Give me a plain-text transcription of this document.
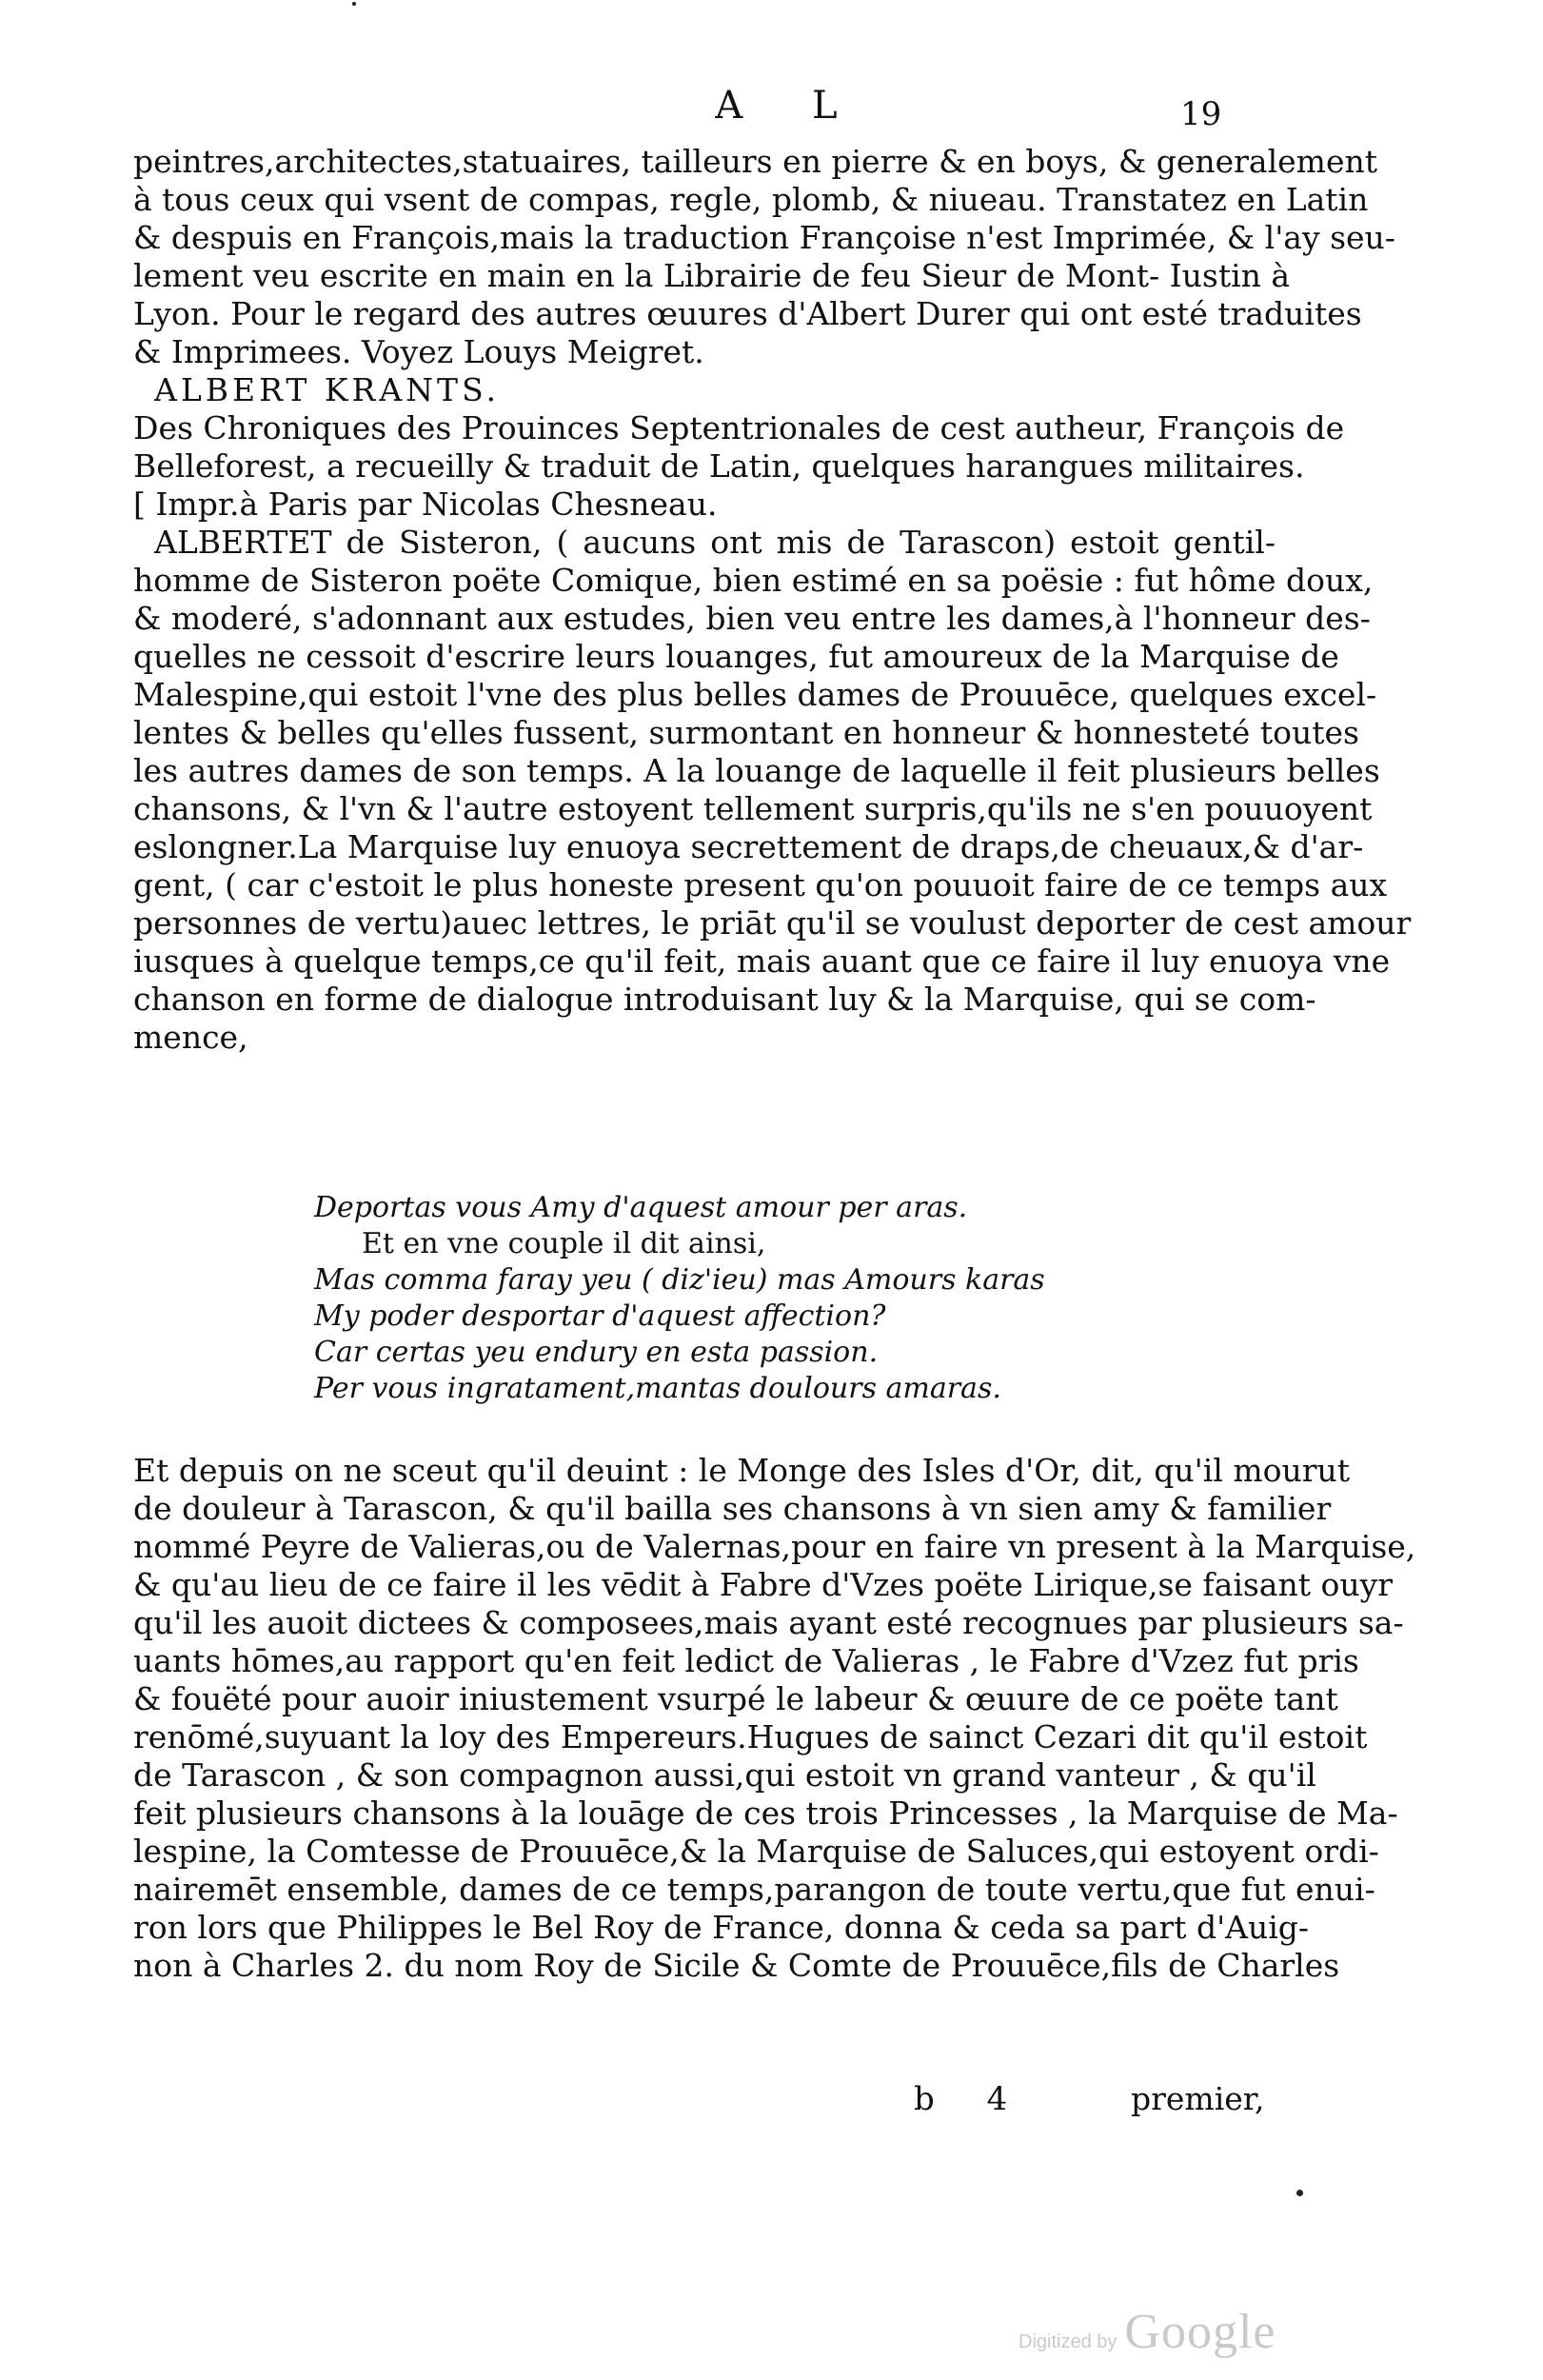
A L	19
peintres,architectes,statuaires, tailleurs en pierre & en boys, & generalement
à tous ceux qui vsent de compas, regle, plomb, & niueau. Transtatez en Latin
& despuis en François,mais la traduction Françoise n'est Imprimée, & l'ay seu-
lement veu escrite en main en la Librairie de feu Sieur de Mont- Iustin à
Lyon. Pour le regard des autres œuures d'Albert Durer qui ont esté traduites
& Imprimees. Voyez Louys Meigret.
ALBERT KRANTS.
Des Chroniques des Prouinces Septentrionales de cest autheur, François de
Belleforest, a recueilly & traduit de Latin, quelques harangues militaires.
[ Impr.à Paris par Nicolas Chesneau.
ALBERTET de Sisteron, ( aucuns ont mis de Tarascon) estoit gentil-
homme de Sisteron poëte Comique, bien estimé en sa poësie : fut hôme doux,
& moderé, s'adonnant aux estudes, bien veu entre les dames,à l'honneur des-
quelles ne cessoit d'escrire leurs louanges, fut amoureux de la Marquise de
Malespine,qui estoit l'vne des plus belles dames de Prouuēce, quelques excel-
lentes & belles qu'elles fussent, surmontant en honneur & honnesteté toutes
les autres dames de son temps. A la louange de laquelle il feit plusieurs belles
chansons, & l'vn & l'autre estoyent tellement surpris,qu'ils ne s'en pouuoyent
eslongner.La Marquise luy enuoya secrettement de draps,de cheuaux,& d'ar-
gent, ( car c'estoit le plus honeste present qu'on pouuoit faire de ce temps aux
personnes de vertu)auec lettres, le priāt qu'il se voulust deporter de cest amour
iusques à quelque temps,ce qu'il feit, mais auant que ce faire il luy enuoya vne
chanson en forme de dialogue introduisant luy & la Marquise, qui se com-
mence,
Deportas vous Amy d'aquest amour per aras.
Et en vne couple il dit ainsi,
Mas comma faray yeu ( diz'ieu) mas Amours karas
My poder desportar d'aquest affection?
Car certas yeu endury en esta passion.
Per vous ingratament,mantas doulours amaras.
Et depuis on ne sceut qu'il deuint : le Monge des Isles d'Or, dit, qu'il mourut
de douleur à Tarascon, & qu'il bailla ses chansons à vn sien amy & familier
nommé Peyre de Valieras,ou de Valernas,pour en faire vn present à la Marquise,
& qu'au lieu de ce faire il les vēdit à Fabre d'Vzes poëte Lirique,se faisant ouyr
qu'il les auoit dictees & composees,mais ayant esté recognues par plusieurs sa-
uants hōmes,au rapport qu'en feit ledict de Valieras , le Fabre d'Vzez fut pris
& fouëté pour auoir iniustement vsurpé le labeur & œuure de ce poëte tant
renōmé,suyuant la loy des Empereurs.Hugues de sainct Cezari dit qu'il estoit
de Tarascon , & son compagnon aussi,qui estoit vn grand vanteur , & qu'il
feit plusieurs chansons à la louāge de ces trois Princesses , la Marquise de Ma-
lespine, la Comtesse de Prouuēce,& la Marquise de Saluces,qui estoyent ordi-
nairemēt ensemble, dames de ce temps,parangon de toute vertu,que fut enui-
ron lors que Philippes le Bel Roy de France, donna & ceda sa part d'Auig-
non à Charles 2. du nom Roy de Sicile & Comte de Prouuēce,fils de Charles
b 4	premier,
Digitized by Google
